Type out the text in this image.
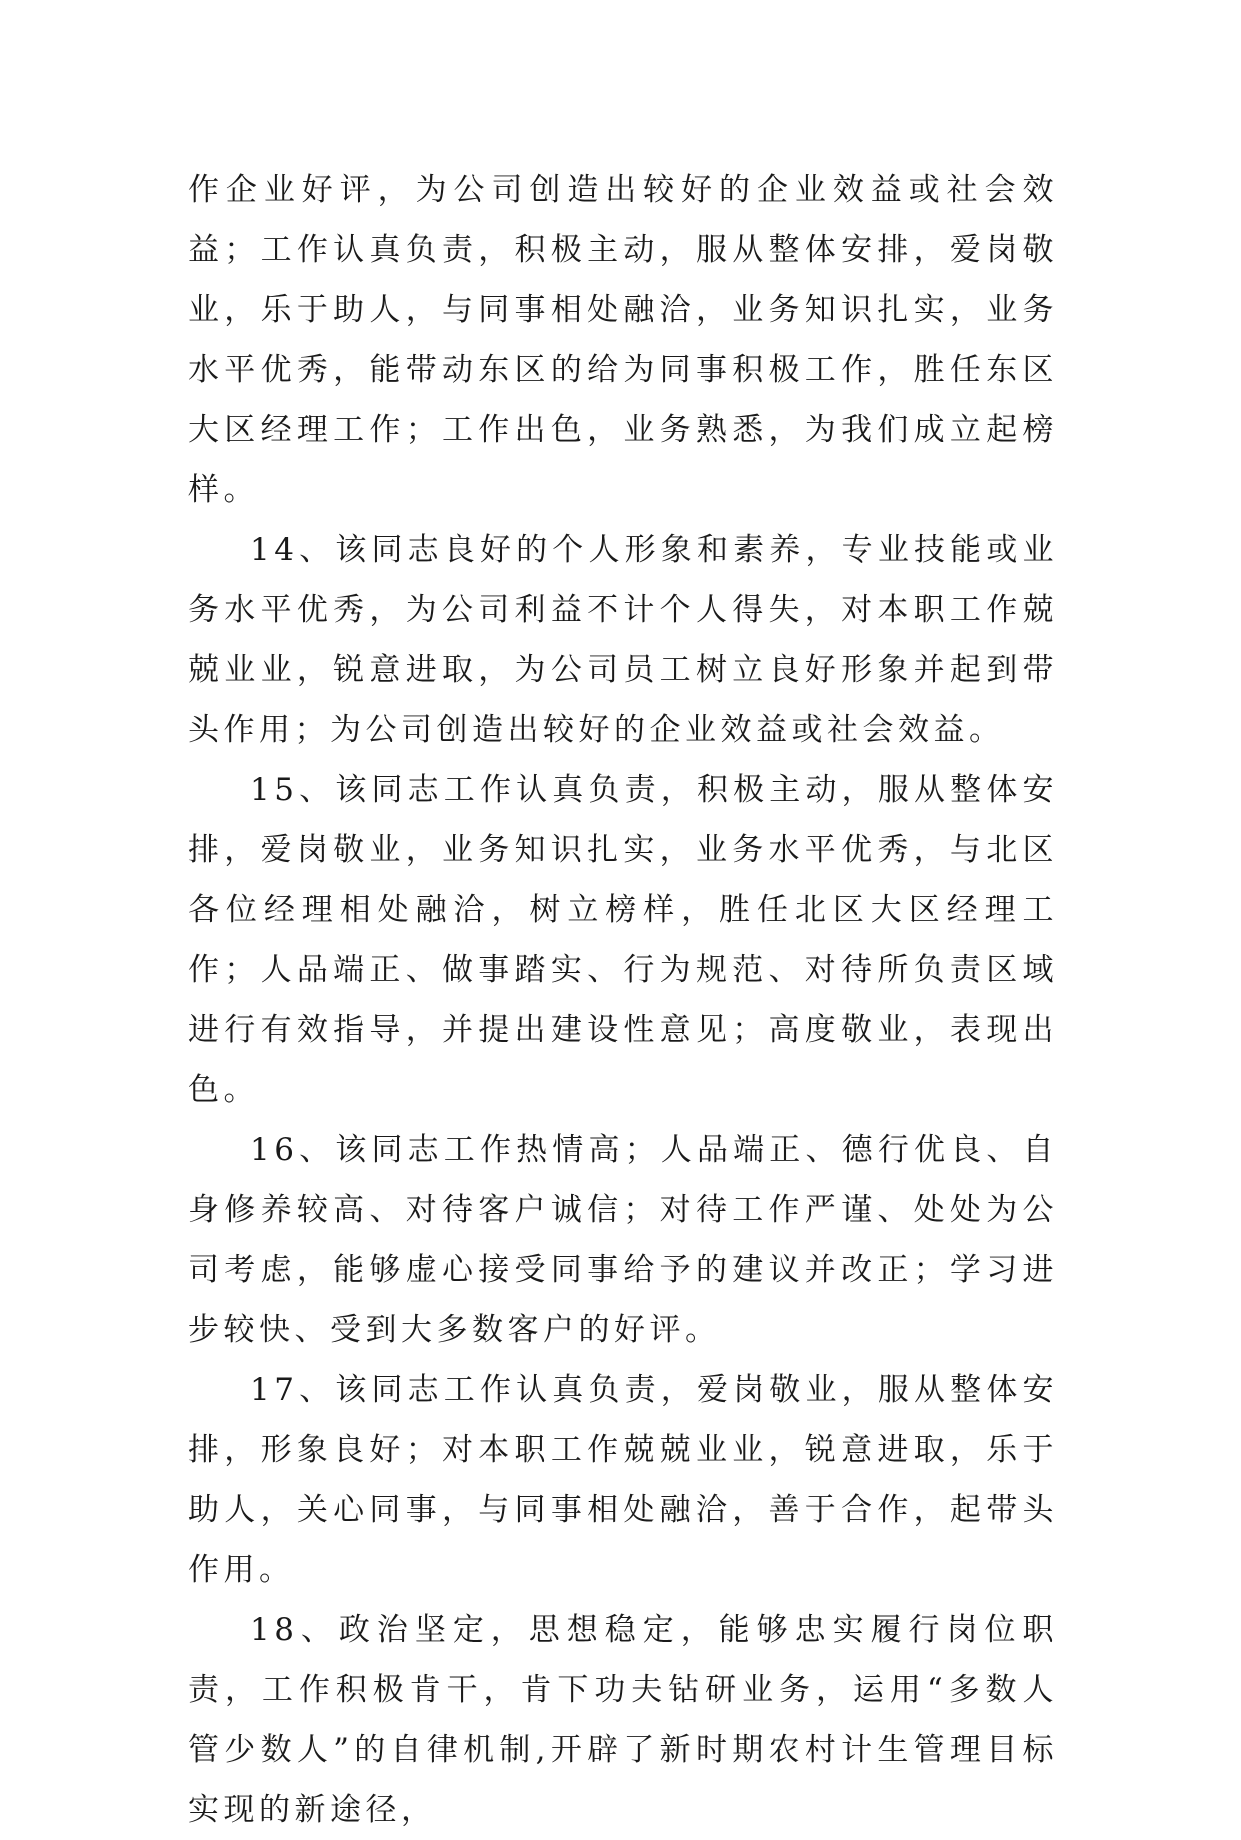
作企业好评，为公司创造出较好的企业效益或社会效益；工作认真负责，积极主动，服从整体安排，爱岗敬业，乐于助人，与同事相处融洽，业务知识扎实，业务水平优秀，能带动东区的给为同事积极工作，胜任东区大区经理工作；工作出色，业务熟悉，为我们成立起榜样。

14、该同志良好的个人形象和素养，专业技能或业务水平优秀，为公司利益不计个人得失，对本职工作兢兢业业，锐意进取，为公司员工树立良好形象并起到带头作用；为公司创造出较好的企业效益或社会效益。

15、该同志工作认真负责，积极主动，服从整体安排，爱岗敬业，业务知识扎实，业务水平优秀，与北区各位经理相处融洽，树立榜样，胜任北区大区经理工作；人品端正、做事踏实、行为规范、对待所负责区域进行有效指导，并提出建设性意见；高度敬业，表现出色。

16、该同志工作热情高；人品端正、德行优良、自身修养较高、对待客户诚信；对待工作严谨、处处为公司考虑，能够虚心接受同事给予的建议并改正；学习进步较快、受到大多数客户的好评。

17、该同志工作认真负责，爱岗敬业，服从整体安排，形象良好；对本职工作兢兢业业，锐意进取，乐于助人，关心同事，与同事相处融洽，善于合作，起带头作用。

18、政治坚定，思想稳定，能够忠实履行岗位职责，工作积极肯干，肯下功夫钻研业务，运用“多数人管少数人”的自律机制,开辟了新时期农村计生管理目标实现的新途径，
